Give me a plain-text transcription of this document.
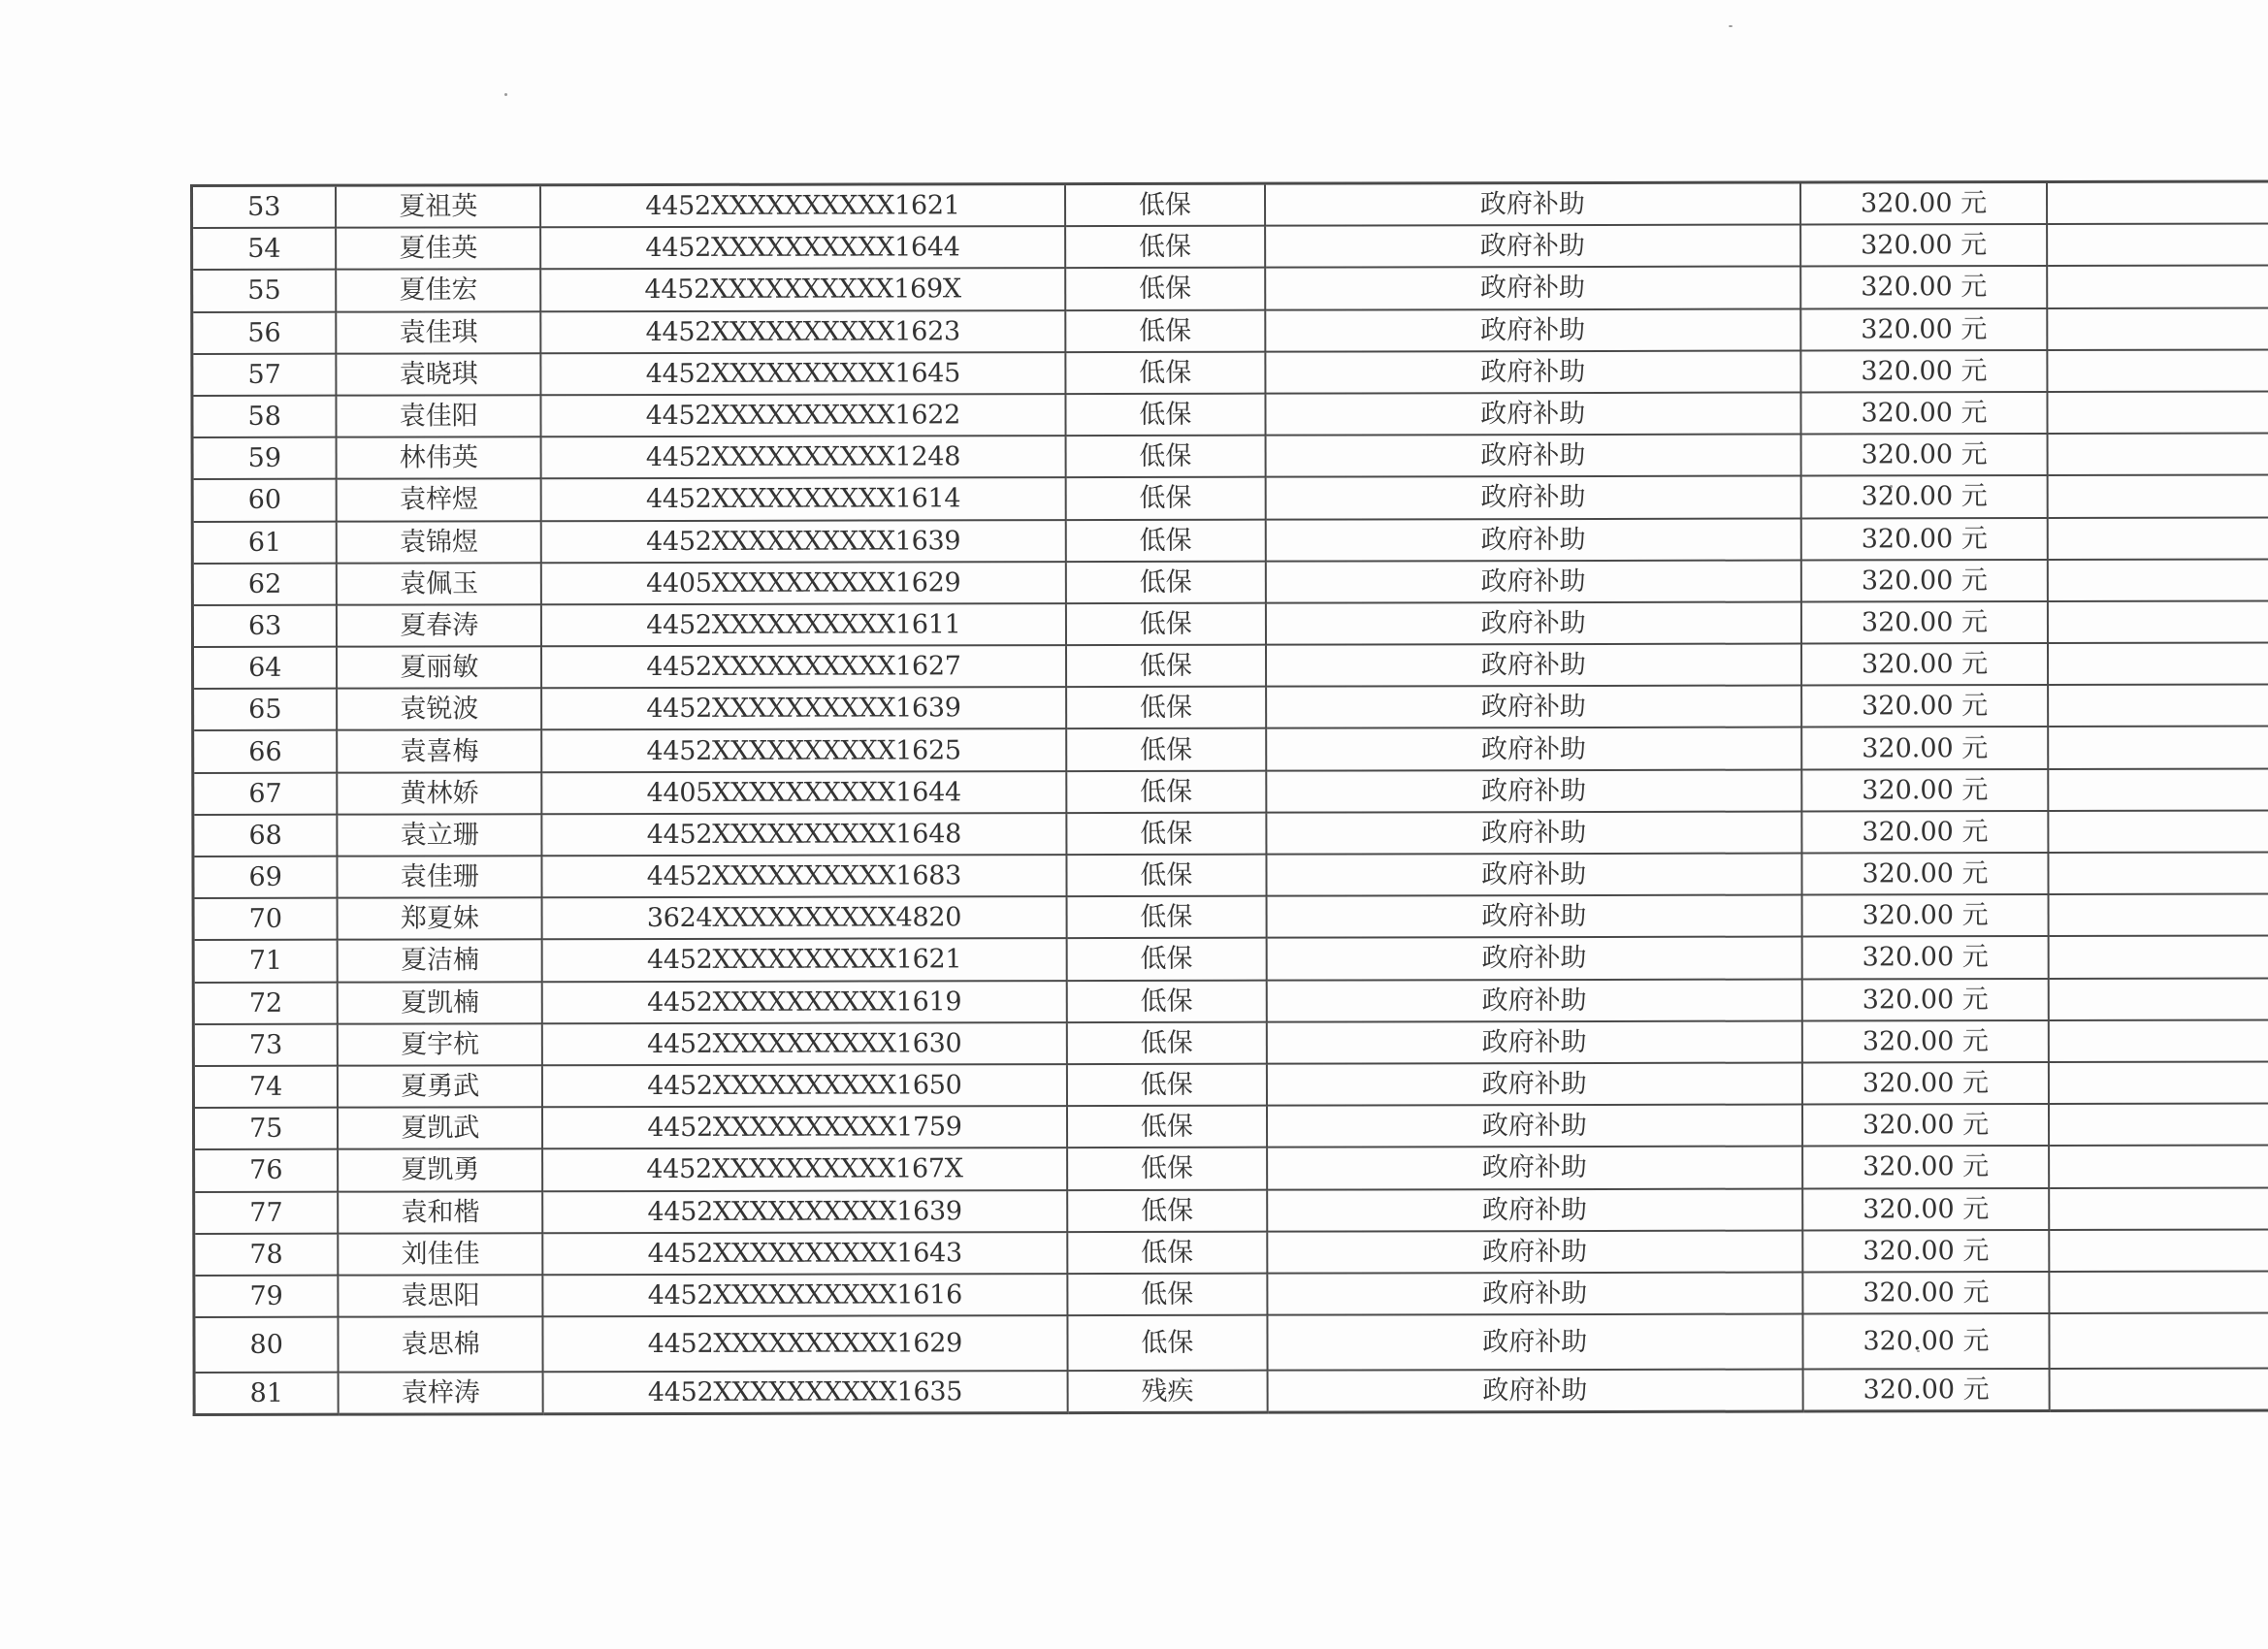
53	夏祖英	4452XXXXXXXXXX1621	低保	政府补助	320.00 元	
54	夏佳英	4452XXXXXXXXXX1644	低保	政府补助	320.00 元	
55	夏佳宏	4452XXXXXXXXXX169X	低保	政府补助	320.00 元	
56	袁佳琪	4452XXXXXXXXXX1623	低保	政府补助	320.00 元	
57	袁晓琪	4452XXXXXXXXXX1645	低保	政府补助	320.00 元	
58	袁佳阳	4452XXXXXXXXXX1622	低保	政府补助	320.00 元	
59	林伟英	4452XXXXXXXXXX1248	低保	政府补助	320.00 元	
60	袁梓煜	4452XXXXXXXXXX1614	低保	政府补助	320.00 元	
61	袁锦煜	4452XXXXXXXXXX1639	低保	政府补助	320.00 元	
62	袁佩玉	4405XXXXXXXXXX1629	低保	政府补助	320.00 元	
63	夏春涛	4452XXXXXXXXXX1611	低保	政府补助	320.00 元	
64	夏丽敏	4452XXXXXXXXXX1627	低保	政府补助	320.00 元	
65	袁锐波	4452XXXXXXXXXX1639	低保	政府补助	320.00 元	
66	袁喜梅	4452XXXXXXXXXX1625	低保	政府补助	320.00 元	
67	黄林娇	4405XXXXXXXXXX1644	低保	政府补助	320.00 元	
68	袁立珊	4452XXXXXXXXXX1648	低保	政府补助	320.00 元	
69	袁佳珊	4452XXXXXXXXXX1683	低保	政府补助	320.00 元	
70	郑夏妹	3624XXXXXXXXXX4820	低保	政府补助	320.00 元	
71	夏洁楠	4452XXXXXXXXXX1621	低保	政府补助	320.00 元	
72	夏凯楠	4452XXXXXXXXXX1619	低保	政府补助	320.00 元	
73	夏宇杭	4452XXXXXXXXXX1630	低保	政府补助	320.00 元	
74	夏勇武	4452XXXXXXXXXX1650	低保	政府补助	320.00 元	
75	夏凯武	4452XXXXXXXXXX1759	低保	政府补助	320.00 元	
76	夏凯勇	4452XXXXXXXXXX167X	低保	政府补助	320.00 元	
77	袁和楷	4452XXXXXXXXXX1639	低保	政府补助	320.00 元	
78	刘佳佳	4452XXXXXXXXXX1643	低保	政府补助	320.00 元	
79	袁思阳	4452XXXXXXXXXX1616	低保	政府补助	320.00 元	
80	袁思棉	4452XXXXXXXXXX1629	低保	政府补助	320.00 元	
81	袁梓涛	4452XXXXXXXXXX1635	残疾	政府补助	320.00 元	
